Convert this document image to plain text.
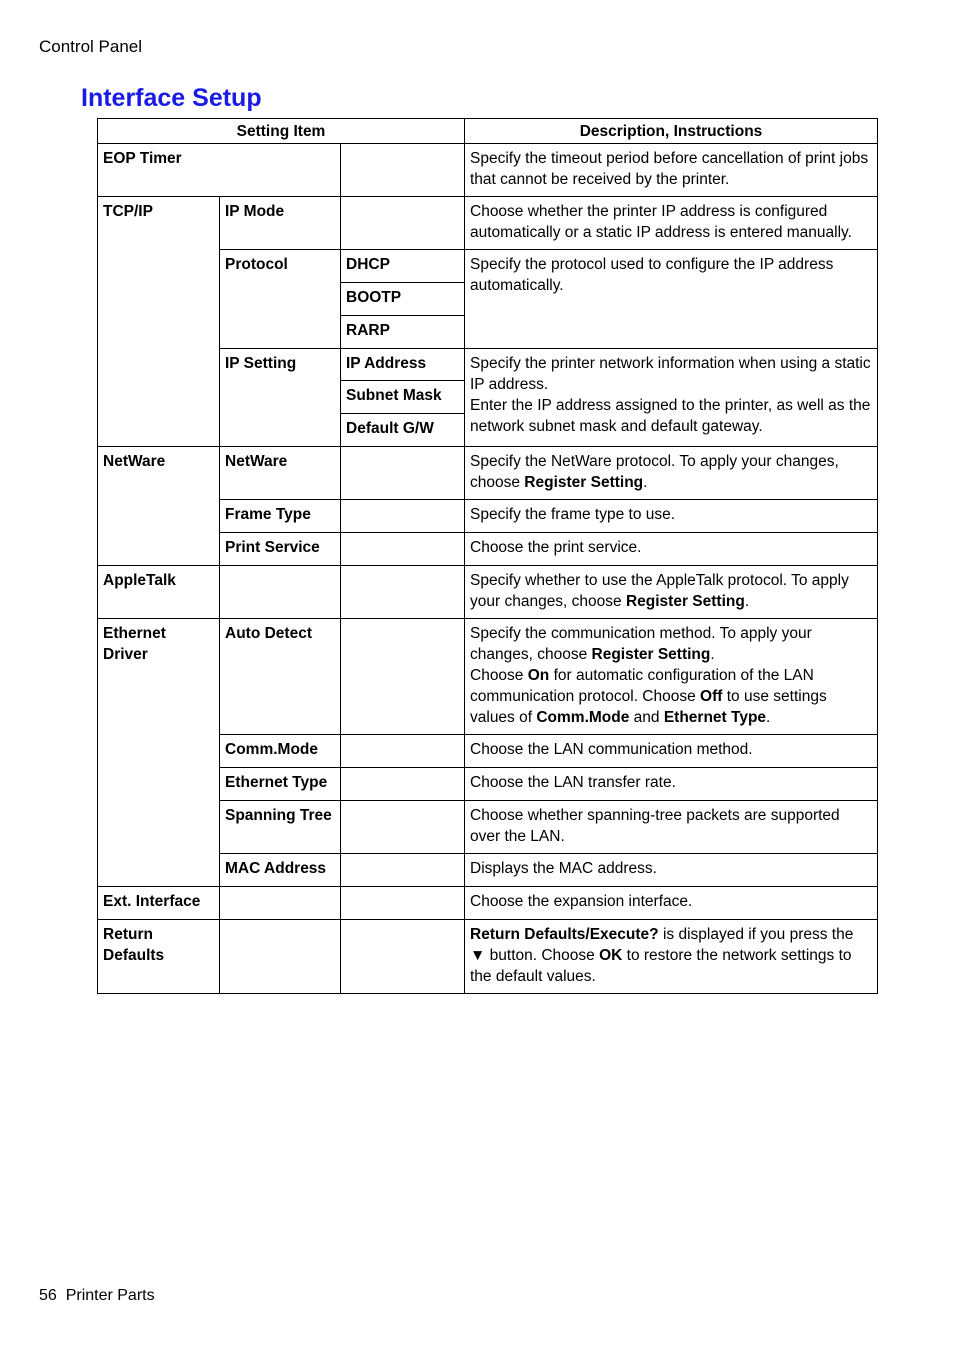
Control Panel
Interface Setup
Setting Item			Description, Instructions
EOP Timer			Specify the timeout period before cancellation of print jobs that cannot be received by the printer.
TCP/IP	IP Mode		Choose whether the printer IP address is configured automatically or a static IP address is entered manually.
	Protocol	DHCP	Specify the protocol used to configure the IP address automatically.
		BOOTP	
		RARP	
	IP Setting	IP Address	Specify the printer network information when using a static IP address.
Enter the IP address assigned to the printer, as well as the network subnet mask and default gateway.
		Subnet Mask	
		Default G/W	
NetWare	NetWare		Specify the NetWare protocol. To apply your changes, choose Register Setting.
	Frame Type		Specify the frame type to use.
	Print Service		Choose the print service.
AppleTalk			Specify whether to use the AppleTalk protocol. To apply your changes, choose Register Setting.
Ethernet Driver	Auto Detect		Specify the communication method. To apply your changes, choose Register Setting.
Choose On for automatic configuration of the LAN communication protocol. Choose Off to use settings values of Comm.Mode and Ethernet Type.
	Comm.Mode		Choose the LAN communication method.
	Ethernet Type		Choose the LAN transfer rate.
	Spanning Tree		Choose whether spanning-tree packets are supported over the LAN.
	MAC Address		Displays the MAC address.
Ext. Interface			Choose the expansion interface.
Return Defaults			Return Defaults/Execute? is displayed if you press the ▼ button. Choose OK to restore the network settings to the default values.
56 Printer Parts
